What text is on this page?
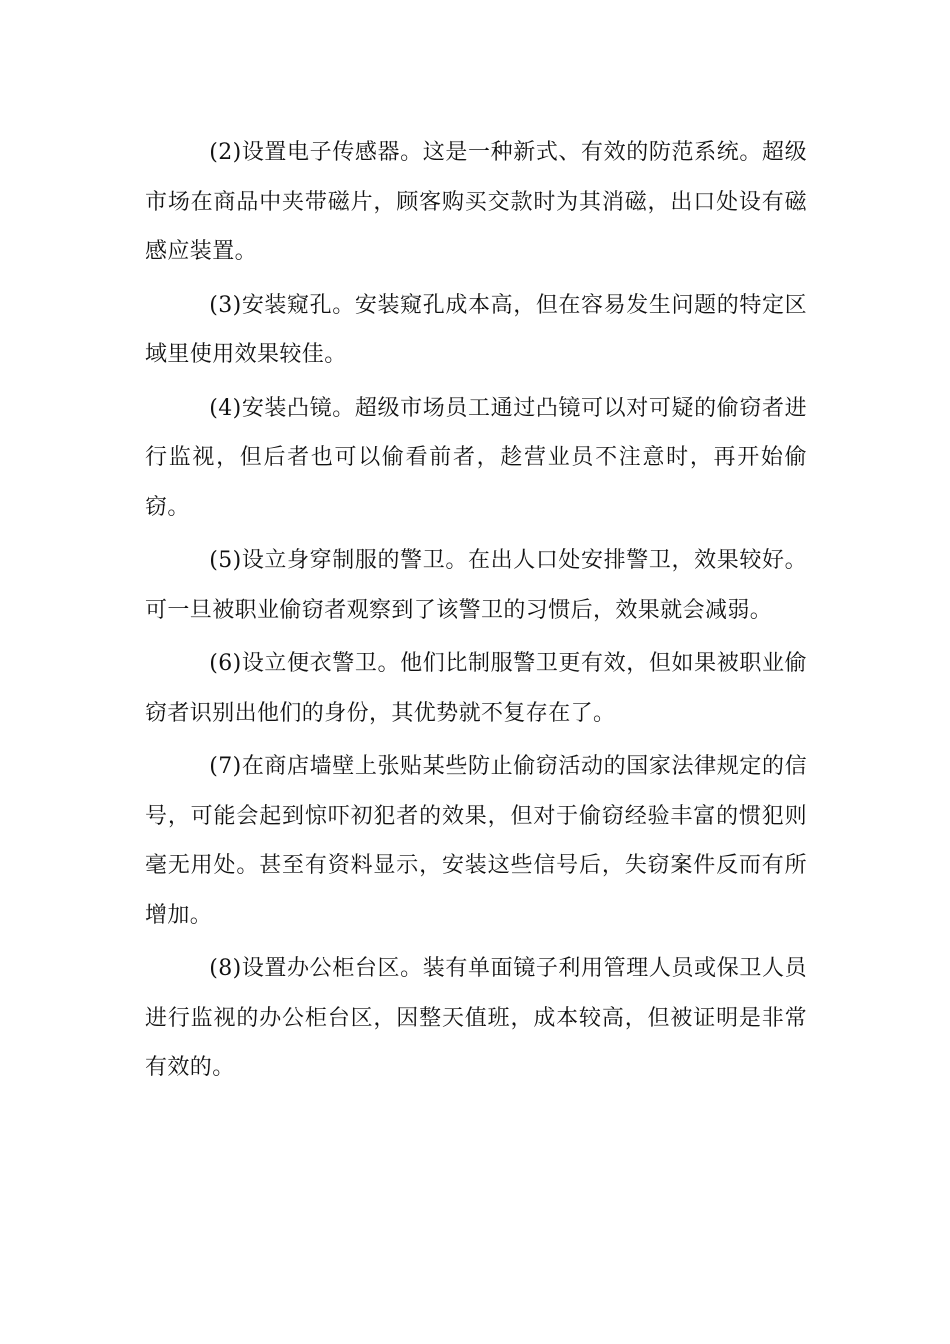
(2)设置电子传感器。这是一种新式、有效的防范系统。超级市场在商品中夹带磁片，顾客购买交款时为其消磁，出口处设有磁感应装置。

(3)安装窥孔。安装窥孔成本高，但在容易发生问题的特定区域里使用效果较佳。

(4)安装凸镜。超级市场员工通过凸镜可以对可疑的偷窃者进行监视，但后者也可以偷看前者，趁营业员不注意时，再开始偷窃。

(5)设立身穿制服的警卫。在出人口处安排警卫，效果较好。可一旦被职业偷窃者观察到了该警卫的习惯后，效果就会减弱。

(6)设立便衣警卫。他们比制服警卫更有效，但如果被职业偷窃者识别出他们的身份，其优势就不复存在了。

(7)在商店墙壁上张贴某些防止偷窃活动的国家法律规定的信号，可能会起到惊吓初犯者的效果，但对于偷窃经验丰富的惯犯则毫无用处。甚至有资料显示，安装这些信号后，失窃案件反而有所增加。

(8)设置办公柜台区。装有单面镜子利用管理人员或保卫人员进行监视的办公柜台区，因整天值班，成本较高，但被证明是非常有效的。
